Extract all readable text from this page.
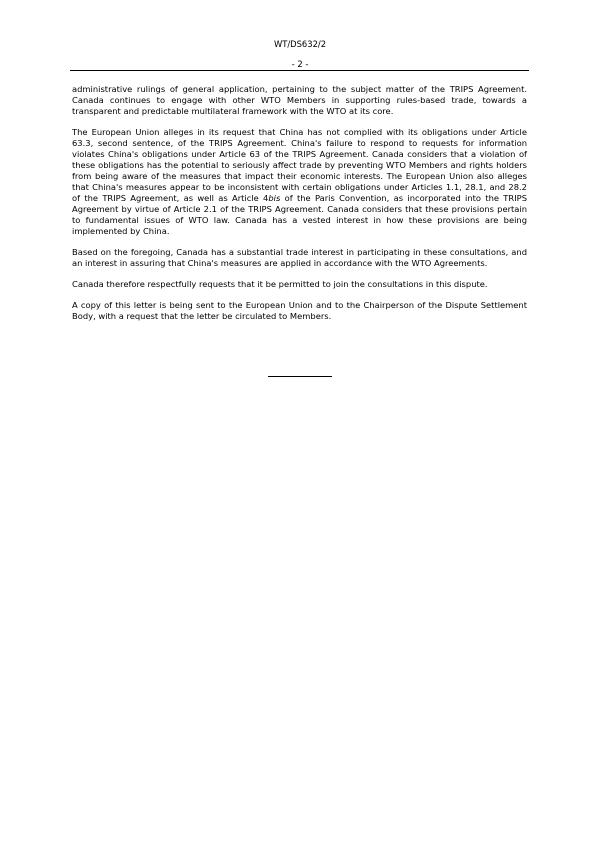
WT/DS632/2
- 2 -

administrative rulings of general application, pertaining to the subject matter of the TRIPS Agreement. Canada continues to engage with other WTO Members in supporting rules-based trade, towards a transparent and predictable multilateral framework with the WTO at its core.

The European Union alleges in its request that China has not complied with its obligations under Article 63.3, second sentence, of the TRIPS Agreement. China's failure to respond to requests for information violates China's obligations under Article 63 of the TRIPS Agreement. Canada considers that a violation of these obligations has the potential to seriously affect trade by preventing WTO Members and rights holders from being aware of the measures that impact their economic interests. The European Union also alleges that China's measures appear to be inconsistent with certain obligations under Articles 1.1, 28.1, and 28.2 of the TRIPS Agreement, as well as Article 4bis of the Paris Convention, as incorporated into the TRIPS Agreement by virtue of Article 2.1 of the TRIPS Agreement. Canada considers that these provisions pertain to fundamental issues of WTO law. Canada has a vested interest in how these provisions are being implemented by China.

Based on the foregoing, Canada has a substantial trade interest in participating in these consultations, and an interest in assuring that China's measures are applied in accordance with the WTO Agreements.

Canada therefore respectfully requests that it be permitted to join the consultations in this dispute.

A copy of this letter is being sent to the European Union and to the Chairperson of the Dispute Settlement Body, with a request that the letter be circulated to Members.
